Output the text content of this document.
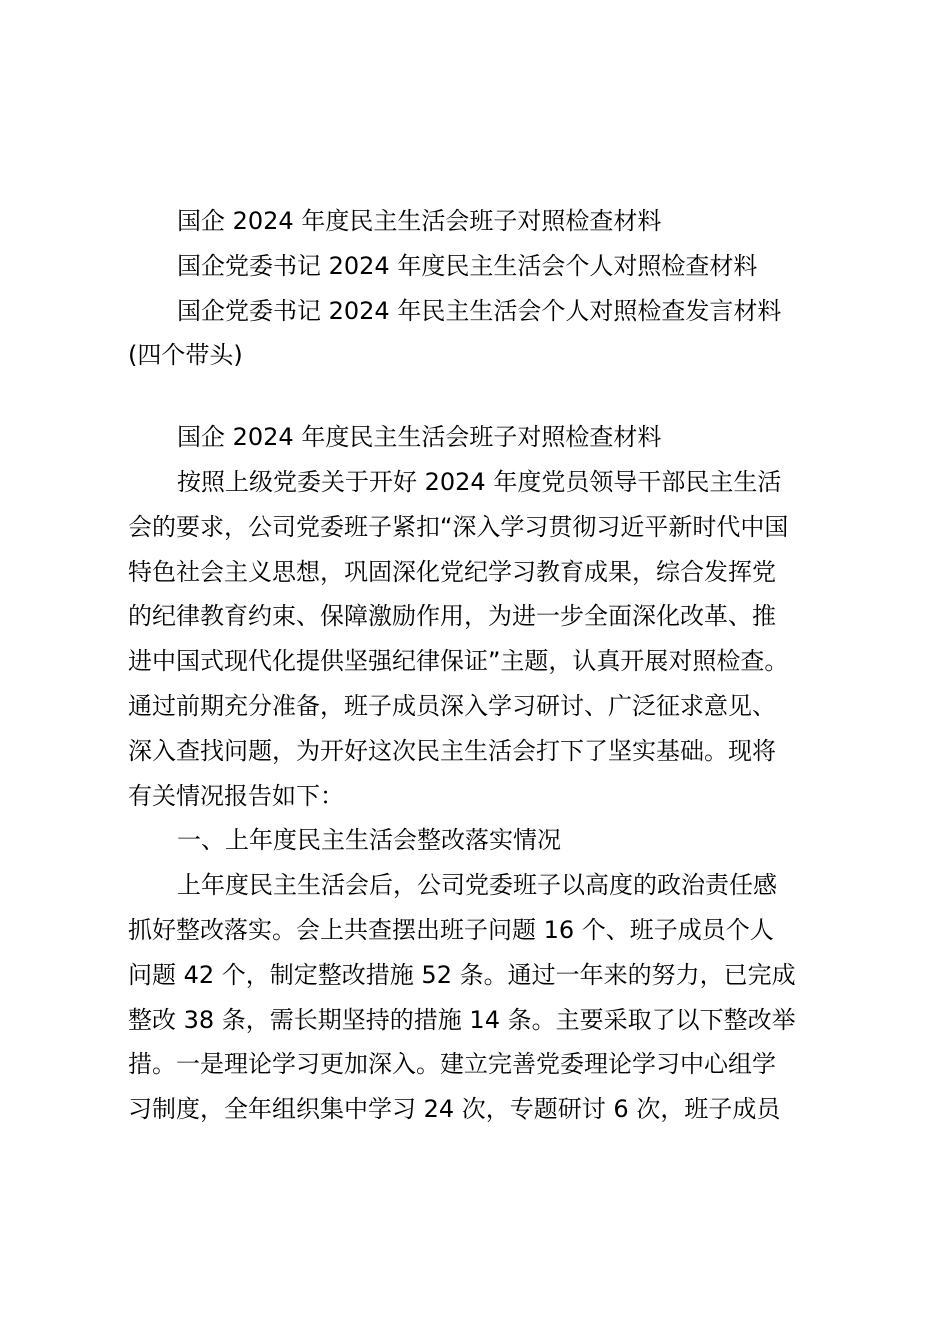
国企 2024 年度民主生活会班子对照检查材料
国企党委书记 2024 年度民主生活会个人对照检查材料
国企党委书记 2024 年民主生活会个人对照检查发言材料
(四个带头)
国企 2024 年度民主生活会班子对照检查材料
按照上级党委关于开好 2024 年度党员领导干部民主生活
会的要求，公司党委班子紧扣“深入学习贯彻习近平新时代中国
特色社会主义思想，巩固深化党纪学习教育成果，综合发挥党
的纪律教育约束、保障激励作用，为进一步全面深化改革、推
进中国式现代化提供坚强纪律保证”主题，认真开展对照检查。
通过前期充分准备，班子成员深入学习研讨、广泛征求意见、
深入查找问题，为开好这次民主生活会打下了坚实基础。现将
有关情况报告如下：
一、上年度民主生活会整改落实情况
上年度民主生活会后，公司党委班子以高度的政治责任感
抓好整改落实。会上共查摆出班子问题 16 个、班子成员个人
问题 42 个，制定整改措施 52 条。通过一年来的努力，已完成
整改 38 条，需长期坚持的措施 14 条。主要采取了以下整改举
措。一是理论学习更加深入。建立完善党委理论学习中心组学
习制度，全年组织集中学习 24 次，专题研讨 6 次，班子成员
